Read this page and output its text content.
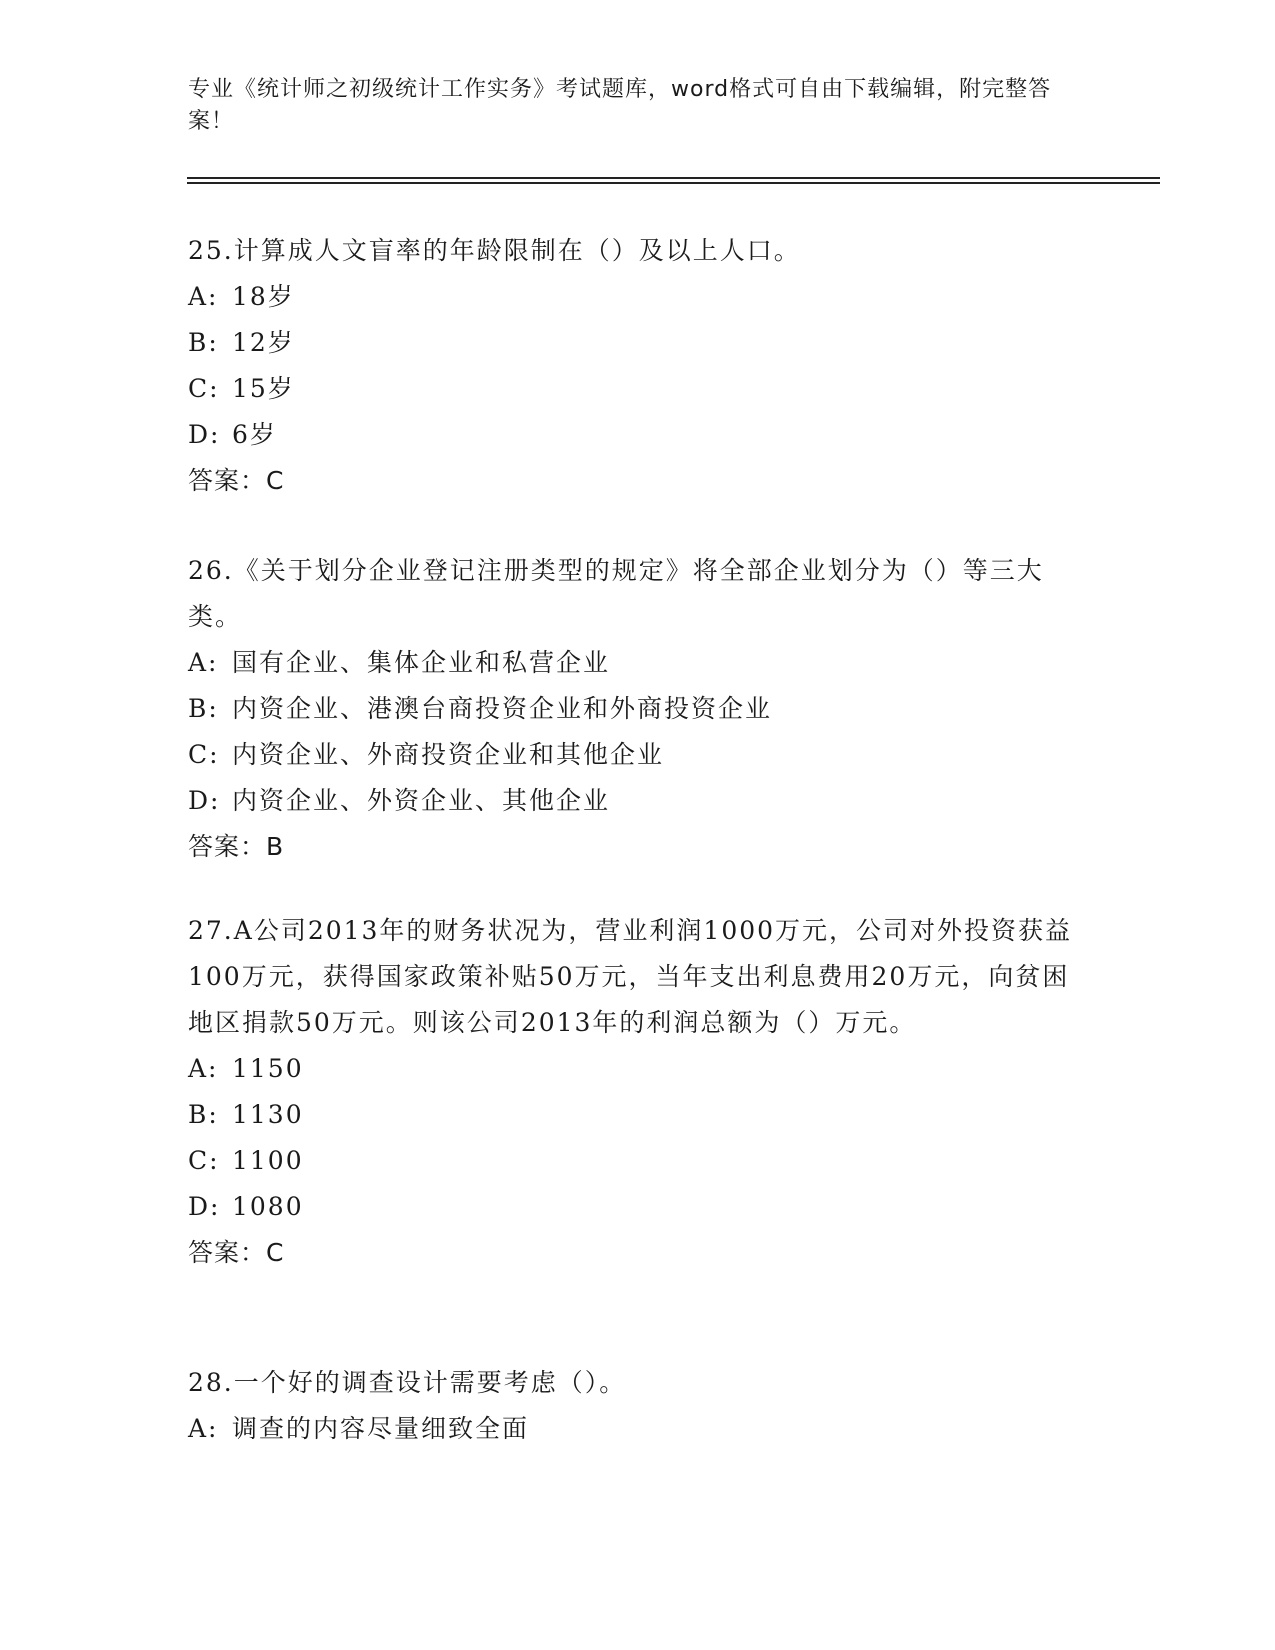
专业《统计师之初级统计工作实务》考试题库，word格式可自由下载编辑，附完整答案！

25.计算成人文盲率的年龄限制在（）及以上人口。

A: 18岁

B: 12岁

C: 15岁

D: 6岁

答案：C

26.《关于划分企业登记注册类型的规定》将全部企业划分为（）等三大类。

A: 国有企业、集体企业和私营企业

B: 内资企业、港澳台商投资企业和外商投资企业

C: 内资企业、外商投资企业和其他企业

D: 内资企业、外资企业、其他企业

答案：B

27.A公司2013年的财务状况为，营业利润1000万元，公司对外投资获益100万元，获得国家政策补贴50万元，当年支出利息费用20万元，向贫困地区捐款50万元。则该公司2013年的利润总额为（）万元。

A: 1150

B: 1130

C: 1100

D: 1080

答案：C

28.一个好的调查设计需要考虑（）。

A: 调查的内容尽量细致全面
